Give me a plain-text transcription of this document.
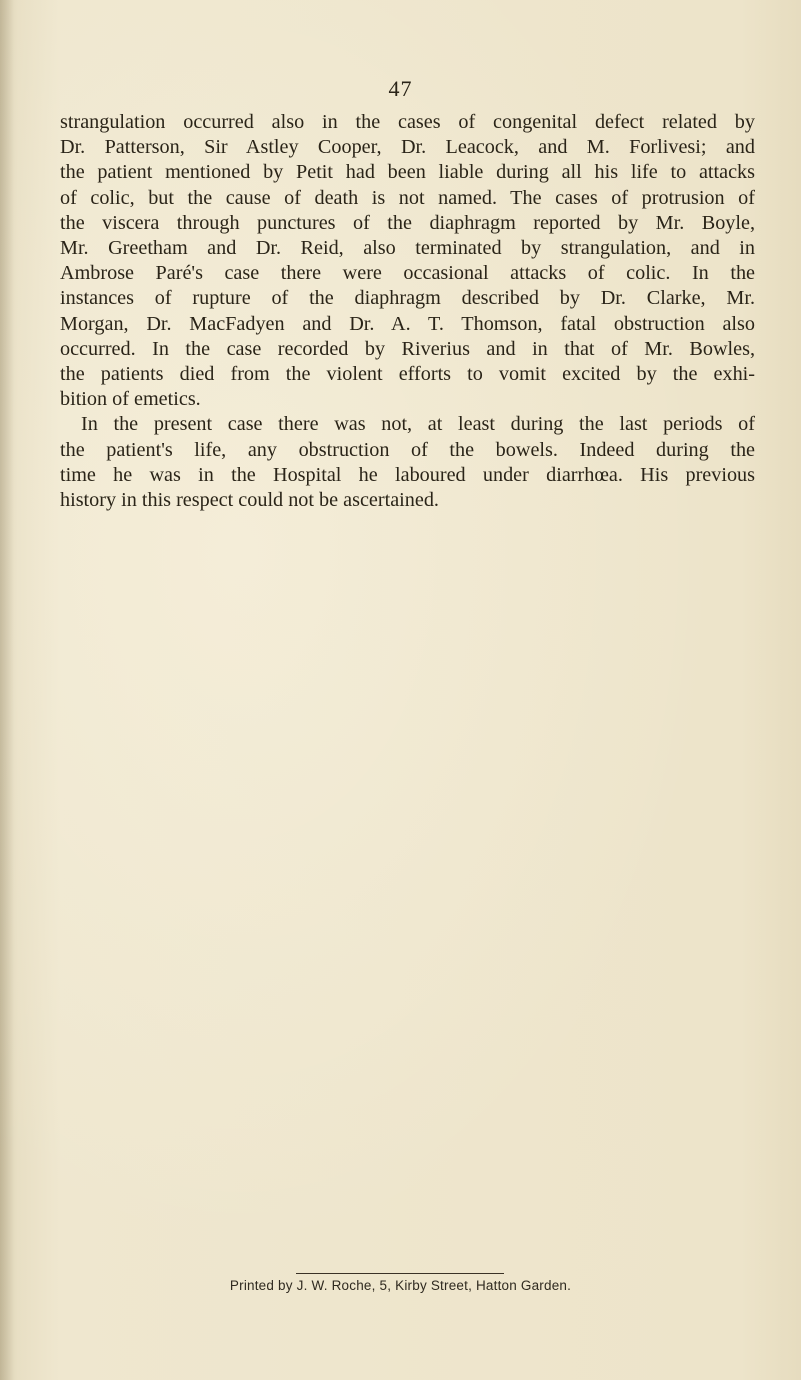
47

strangulation occurred also in the cases of congenital defect related by
Dr. Patterson, Sir Astley Cooper, Dr. Leacock, and M. Forlivesi; and
the patient mentioned by Petit had been liable during all his life to attacks
of colic, but the cause of death is not named. The cases of protrusion of
the viscera through punctures of the diaphragm reported by Mr. Boyle,
Mr. Greetham and Dr. Reid, also terminated by strangulation, and in
Ambrose Paré's case there were occasional attacks of colic. In the
instances of rupture of the diaphragm described by Dr. Clarke, Mr.
Morgan, Dr. MacFadyen and Dr. A. T. Thomson, fatal obstruction also
occurred. In the case recorded by Riverius and in that of Mr. Bowles,
the patients died from the violent efforts to vomit excited by the exhi-
bition of emetics.

In the present case there was not, at least during the last periods of
the patient's life, any obstruction of the bowels. Indeed during the
time he was in the Hospital he laboured under diarrhœa. His previous
history in this respect could not be ascertained.

Printed by J. W. Roche, 5, Kirby Street, Hatton Garden.
